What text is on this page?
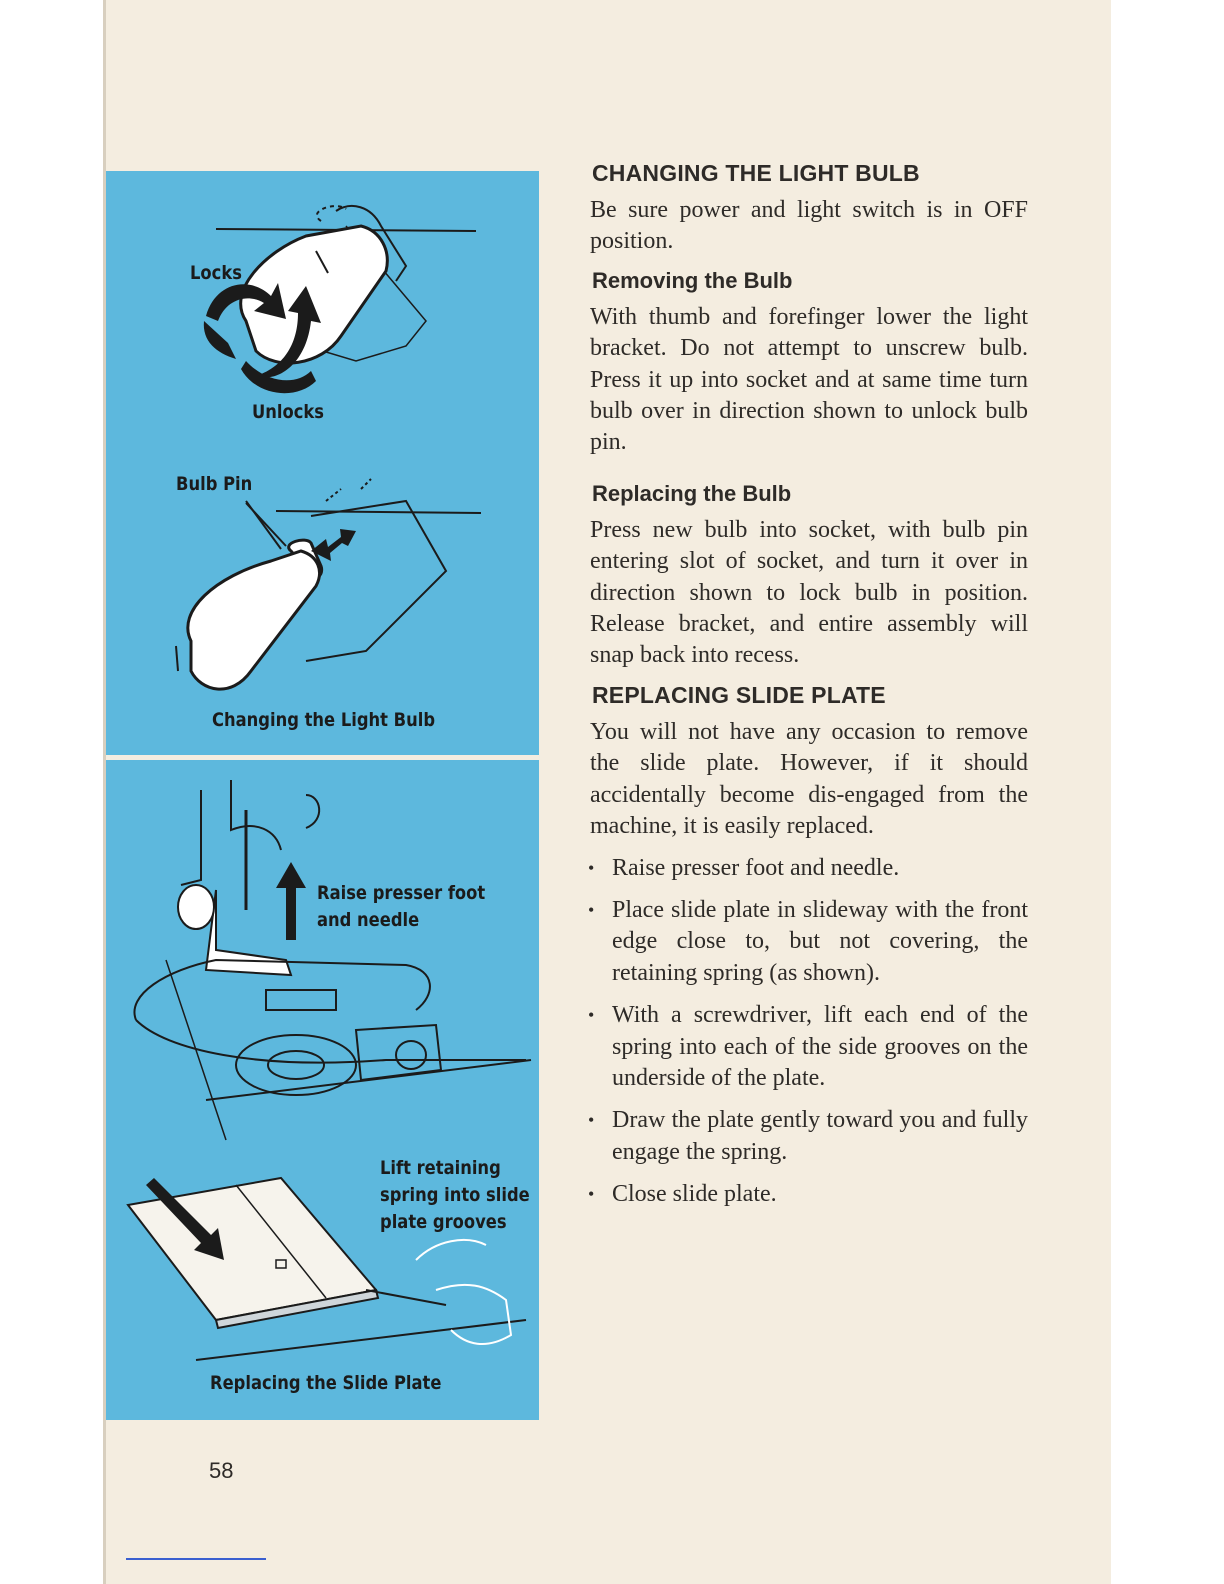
Locks
Unlocks
Bulb Pin
Changing the Light Bulb
Raise presser foot
and needle
Lift retaining
spring into slide
plate grooves
Replacing the Slide Plate
CHANGING THE LIGHT BULB
Be sure power and light switch is in OFF position.
Removing the Bulb
With thumb and forefinger lower the light bracket. Do not attempt to unscrew bulb. Press it up into socket and at same time turn bulb over in direction shown to unlock bulb pin.
Replacing the Bulb
Press new bulb into socket, with bulb pin entering slot of socket, and turn it over in direction shown to lock bulb in position. Release bracket, and entire assembly will snap back into recess.
REPLACING SLIDE PLATE
You will not have any occasion to remove the slide plate. However, if it should accidentally become dis-engaged from the machine, it is easily replaced.
• Raise presser foot and needle.
• Place slide plate in slideway with the front edge close to, but not covering, the retaining spring (as shown).
• With a screwdriver, lift each end of the spring into each of the side grooves on the underside of the plate.
• Draw the plate gently toward you and fully engage the spring.
• Close slide plate.
58
